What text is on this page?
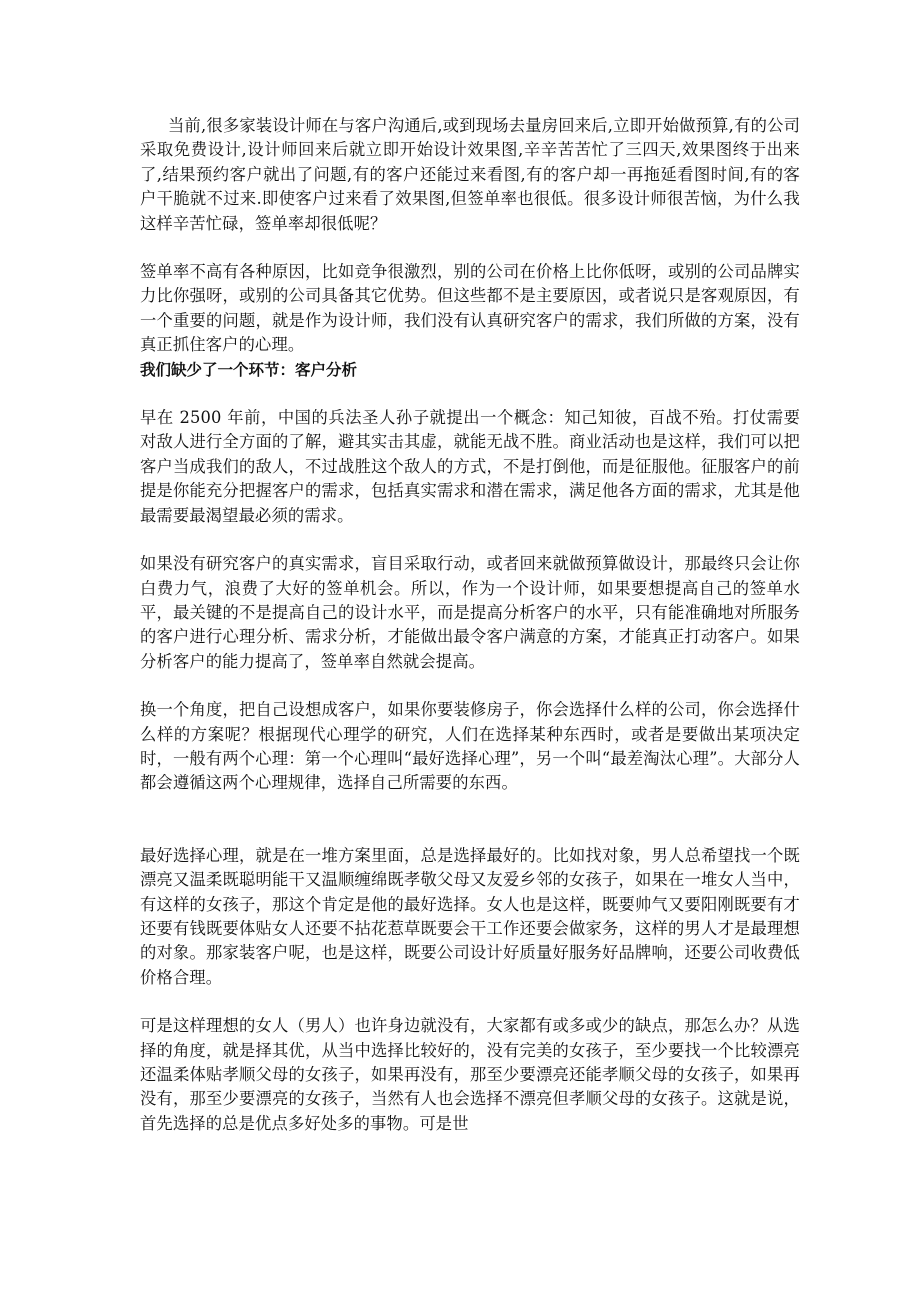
当前,很多家装设计师在与客户沟通后,或到现场去量房回来后,立即开始做预算,有的公司采取免费设计,设计师回来后就立即开始设计效果图,辛辛苦苦忙了三四天,效果图终于出来了,结果预约客户就出了问题,有的客户还能过来看图,有的客户却一再拖延看图时间,有的客户干脆就不过来.即使客户过来看了效果图,但签单率也很低。很多设计师很苦恼，为什么我这样辛苦忙碌，签单率却很低呢？

签单率不高有各种原因，比如竞争很激烈，别的公司在价格上比你低呀，或别的公司品牌实力比你强呀，或别的公司具备其它优势。但这些都不是主要原因，或者说只是客观原因，有一个重要的问题，就是作为设计师，我们没有认真研究客户的需求，我们所做的方案，没有真正抓住客户的心理。

我们缺少了一个环节：客户分析

早在 2500 年前，中国的兵法圣人孙子就提出一个概念：知己知彼，百战不殆。打仗需要对敌人进行全方面的了解，避其实击其虚，就能无战不胜。商业活动也是这样，我们可以把客户当成我们的敌人，不过战胜这个敌人的方式，不是打倒他，而是征服他。征服客户的前提是你能充分把握客户的需求，包括真实需求和潜在需求，满足他各方面的需求，尤其是他最需要最渴望最必须的需求。

如果没有研究客户的真实需求，盲目采取行动，或者回来就做预算做设计，那最终只会让你白费力气，浪费了大好的签单机会。所以，作为一个设计师，如果要想提高自己的签单水平，最关键的不是提高自己的设计水平，而是提高分析客户的水平，只有能准确地对所服务的客户进行心理分析、需求分析，才能做出最令客户满意的方案，才能真正打动客户。如果分析客户的能力提高了，签单率自然就会提高。

换一个角度，把自己设想成客户，如果你要装修房子，你会选择什么样的公司，你会选择什么样的方案呢？根据现代心理学的研究，人们在选择某种东西时，或者是要做出某项决定时，一般有两个心理：第一个心理叫“最好选择心理”，另一个叫“最差淘汰心理”。大部分人都会遵循这两个心理规律，选择自己所需要的东西。

最好选择心理，就是在一堆方案里面，总是选择最好的。比如找对象，男人总希望找一个既漂亮又温柔既聪明能干又温顺缠绵既孝敬父母又友爱乡邻的女孩子，如果在一堆女人当中，有这样的女孩子，那这个肯定是他的最好选择。女人也是这样，既要帅气又要阳刚既要有才还要有钱既要体贴女人还要不拈花惹草既要会干工作还要会做家务，这样的男人才是最理想的对象。那家装客户呢，也是这样，既要公司设计好质量好服务好品牌响，还要公司收费低价格合理。

可是这样理想的女人（男人）也许身边就没有，大家都有或多或少的缺点，那怎么办？从选择的角度，就是择其优，从当中选择比较好的，没有完美的女孩子，至少要找一个比较漂亮还温柔体贴孝顺父母的女孩子，如果再没有，那至少要漂亮还能孝顺父母的女孩子，如果再没有，那至少要漂亮的女孩子，当然有人也会选择不漂亮但孝顺父母的女孩子。这就是说，首先选择的总是优点多好处多的事物。可是世
